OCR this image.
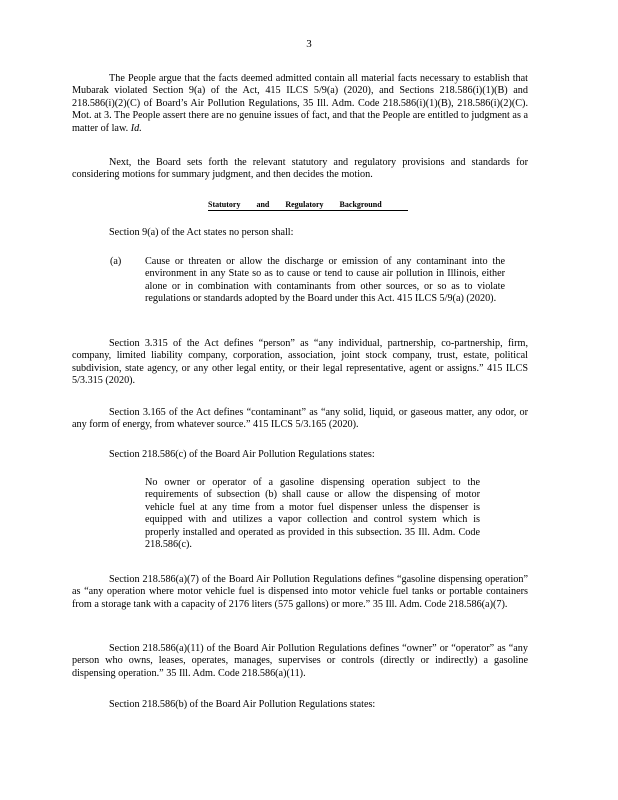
3
The People argue that the facts deemed admitted contain all material facts necessary to establish that Mubarak violated Section 9(a) of the Act, 415 ILCS 5/9(a) (2020), and Sections 218.586(i)(1)(B) and 218.586(i)(2)(C) of Board’s Air Pollution Regulations, 35 Ill. Adm. Code 218.586(i)(1)(B), 218.586(i)(2)(C). Mot. at 3. The People assert there are no genuine issues of fact, and that the People are entitled to judgment as a matter of law. Id.
Next, the Board sets forth the relevant statutory and regulatory provisions and standards for considering motions for summary judgment, and then decides the motion.
Statutory and Regulatory Background
Section 9(a) of the Act states no person shall:
(a) Cause or threaten or allow the discharge or emission of any contaminant into the environment in any State so as to cause or tend to cause air pollution in Illinois, either alone or in combination with contaminants from other sources, or so as to violate regulations or standards adopted by the Board under this Act. 415 ILCS 5/9(a) (2020).
Section 3.315 of the Act defines “person” as “any individual, partnership, co-partnership, firm, company, limited liability company, corporation, association, joint stock company, trust, estate, political subdivision, state agency, or any other legal entity, or their legal representative, agent or assigns.” 415 ILCS 5/3.315 (2020).
Section 3.165 of the Act defines “contaminant” as “any solid, liquid, or gaseous matter, any odor, or any form of energy, from whatever source.” 415 ILCS 5/3.165 (2020).
Section 218.586(c) of the Board Air Pollution Regulations states:
No owner or operator of a gasoline dispensing operation subject to the requirements of subsection (b) shall cause or allow the dispensing of motor vehicle fuel at any time from a motor fuel dispenser unless the dispenser is equipped with and utilizes a vapor collection and control system which is properly installed and operated as provided in this subsection. 35 Ill. Adm. Code 218.586(c).
Section 218.586(a)(7) of the Board Air Pollution Regulations defines “gasoline dispensing operation” as “any operation where motor vehicle fuel is dispensed into motor vehicle fuel tanks or portable containers from a storage tank with a capacity of 2176 liters (575 gallons) or more.” 35 Ill. Adm. Code 218.586(a)(7).
Section 218.586(a)(11) of the Board Air Pollution Regulations defines “owner” or “operator” as “any person who owns, leases, operates, manages, supervises or controls (directly or indirectly) a gasoline dispensing operation.” 35 Ill. Adm. Code 218.586(a)(11).
Section 218.586(b) of the Board Air Pollution Regulations states:
